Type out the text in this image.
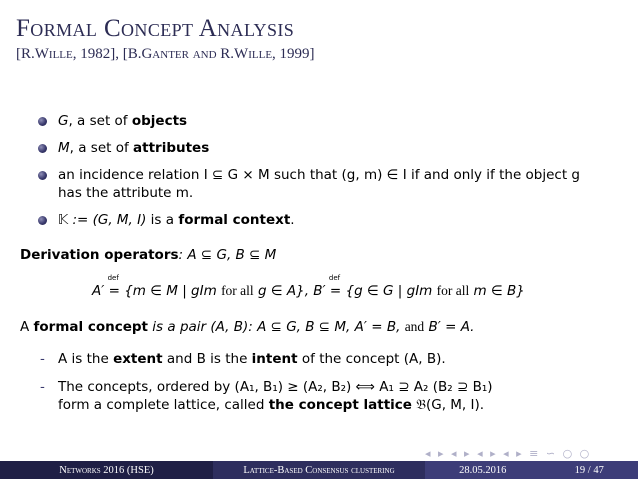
Formal Concept Analysis
[R.Wille, 1982], [B.Ganter and R.Wille, 1999]
G, a set of objects
M, a set of attributes
an incidence relation I ⊆ G × M such that (g, m) ∈ I if and only if the object g
has the attribute m.
𝕂 := (G, M, I) is a formal context.
Derivation operators: A ⊆ G, B ⊆ M
A′
def
= {m ∈ M | gIm for all g ∈ A}, B′
def
= {g ∈ G | gIm for all m ∈ B}
A formal concept is a pair (A, B): A ⊆ G, B ⊆ M, A′ = B, and B′ = A.
- A is the extent and B is the intent of the concept (A, B).
- The concepts, ordered by (A₁, B₁) ≥ (A₂, B₂) ⟺ A₁ ⊇ A₂ (B₂ ⊇ B₁)
form a complete lattice, called the concept lattice 𝔅(G, M, I).
◂ ▸ ◂ ▸ ◂ ▸ ◂ ▸ ≡ ∽ ○ ○
Networks 2016 (HSE)	Lattice-Based Consensus clustering	28.05.2016	19 / 47
